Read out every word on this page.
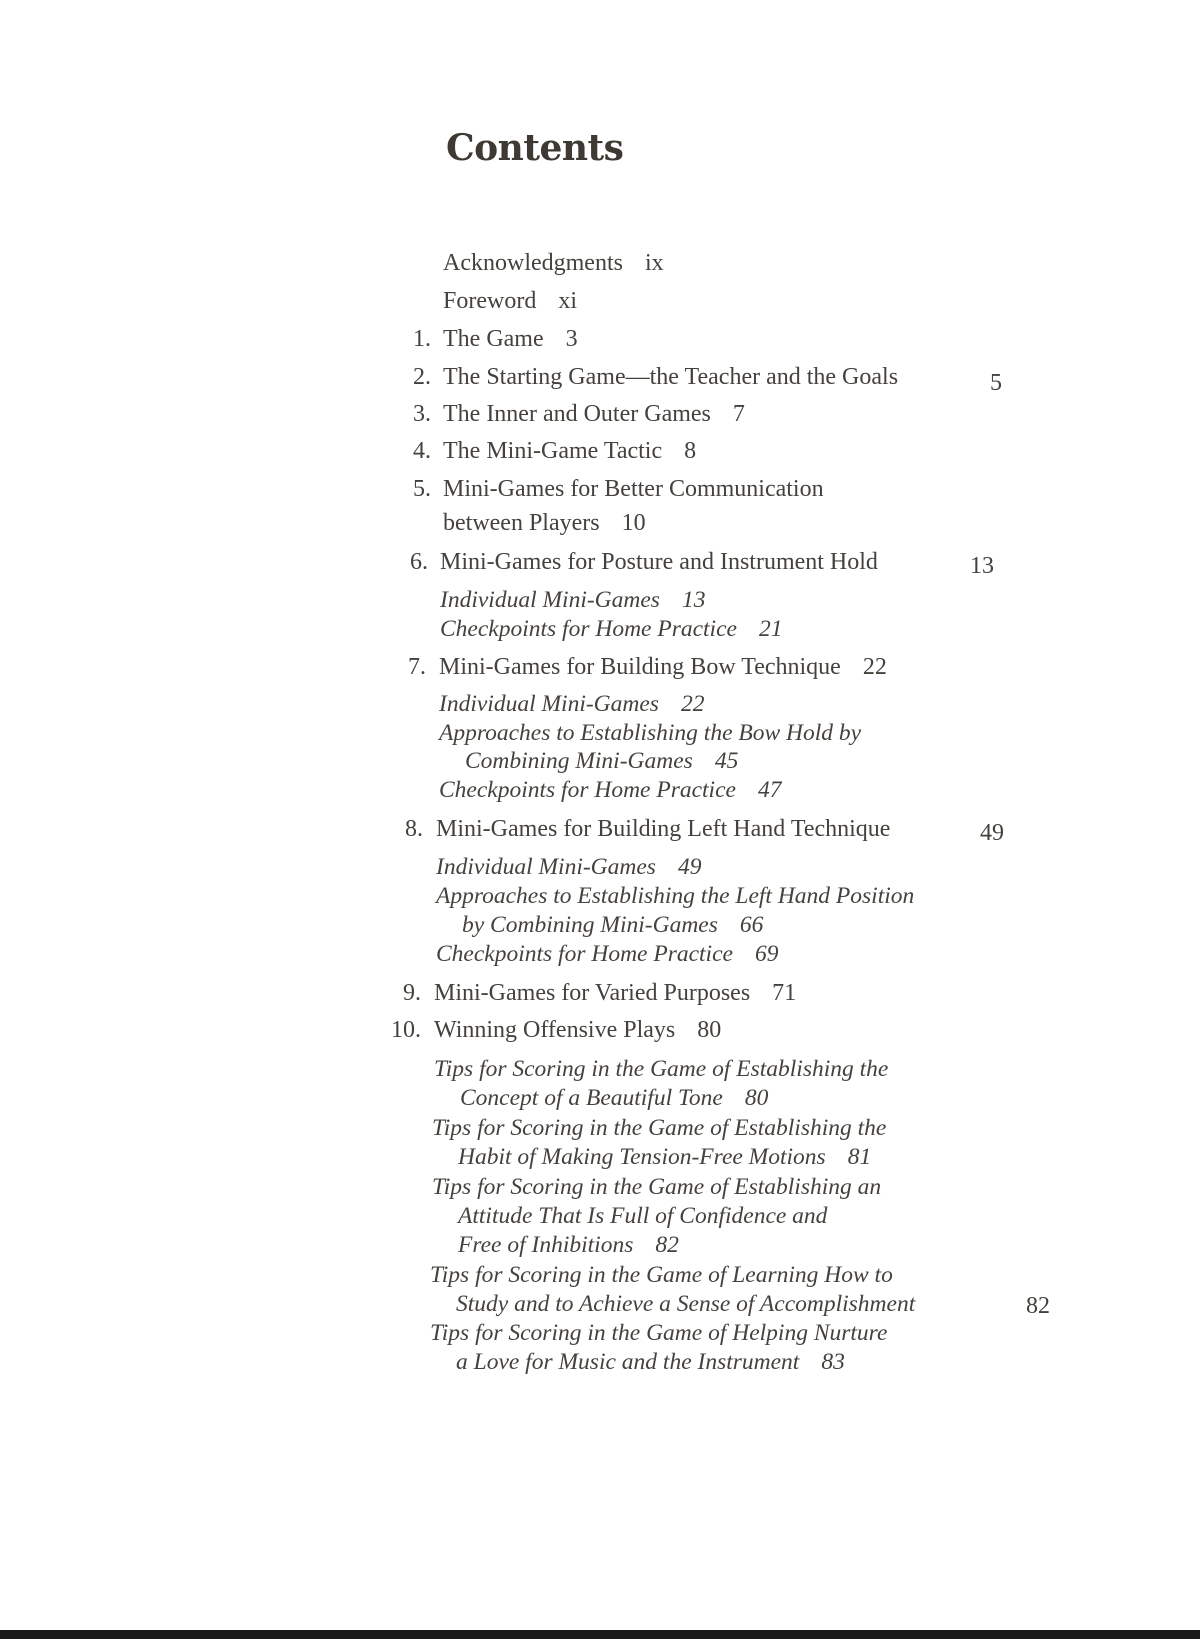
Contents
Acknowledgments ix
Foreword xi
1. The Game 3
2. The Starting Game—the Teacher and the Goals	5
3. The Inner and Outer Games 7
4. The Mini-Game Tactic 8
5. Mini-Games for Better Communication
between Players 10
6. Mini-Games for Posture and Instrument Hold	13
Individual Mini-Games 13
Checkpoints for Home Practice 21
7. Mini-Games for Building Bow Technique 22
Individual Mini-Games 22
Approaches to Establishing the Bow Hold by
Combining Mini-Games 45
Checkpoints for Home Practice 47
8. Mini-Games for Building Left Hand Technique	49
Individual Mini-Games 49
Approaches to Establishing the Left Hand Position
by Combining Mini-Games 66
Checkpoints for Home Practice 69
9. Mini-Games for Varied Purposes 71
10. Winning Offensive Plays 80
Tips for Scoring in the Game of Establishing the
Concept of a Beautiful Tone 80
Tips for Scoring in the Game of Establishing the
Habit of Making Tension-Free Motions 81
Tips for Scoring in the Game of Establishing an
Attitude That Is Full of Confidence and
Free of Inhibitions 82
Tips for Scoring in the Game of Learning How to
Study and to Achieve a Sense of Accomplishment	82
Tips for Scoring in the Game of Helping Nurture
a Love for Music and the Instrument 83
